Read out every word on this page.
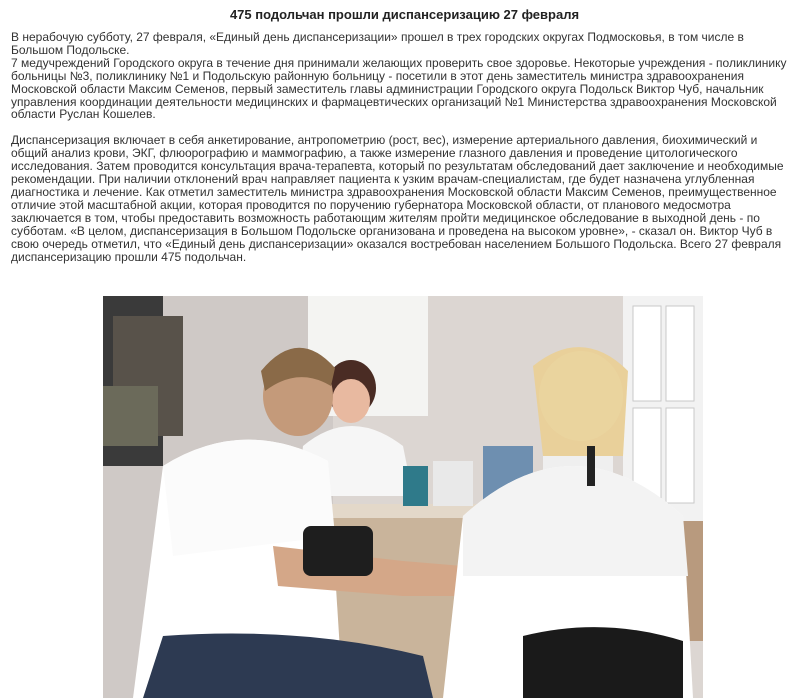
475 подольчан прошли диспансеризацию 27 февраля
В нерабочую субботу, 27 февраля, «Единый день диспансеризации» прошел в трех городских округах Подмосковья, в том числе в
Большом Подольске.
7 медучреждений Городского округа в течение дня принимали желающих проверить свое здоровье. Некоторые учреждения - поликлинику
больницы №3, поликлинику №1 и Подольскую районную больницу - посетили в этот день заместитель министра здравоохранения
Московской области Максим Семенов, первый заместитель главы администрации Городского округа Подольск Виктор Чуб, начальник
управления координации деятельности медицинских и фармацевтических организаций №1 Министерства здравоохранения Московской
области Руслан Кошелев.
Диспансеризация включает в себя анкетирование, антропометрию (рост, вес), измерение артериального давления, биохимический и
общий анализ крови, ЭКГ, флюорографию и маммографию, а также измерение глазного давления и проведение цитологического
исследования. Затем проводится консультация врача-терапевта, который по результатам обследований дает заключение и необходимые
рекомендации. При наличии отклонений врач направляет пациента к узким врачам-специалистам, где будет назначена углубленная
диагностика и лечение. Как отметил заместитель министра здравоохранения Московской области Максим Семенов, преимущественное
отличие этой масштабной акции, которая проводится по поручению губернатора Московской области, от планового медосмотра
заключается в том, чтобы предоставить возможность работающим жителям пройти медицинское обследование в выходной день - по
субботам. «В целом, диспансеризация в Большом Подольске организована и проведена на высоком уровне», - сказал он. Виктор Чуб в
свою очередь отметил, что «Единый день диспансеризации» оказался востребован населением Большого Подольска. Всего 27 февраля
диспансеризацию прошли 475 подольчан.
